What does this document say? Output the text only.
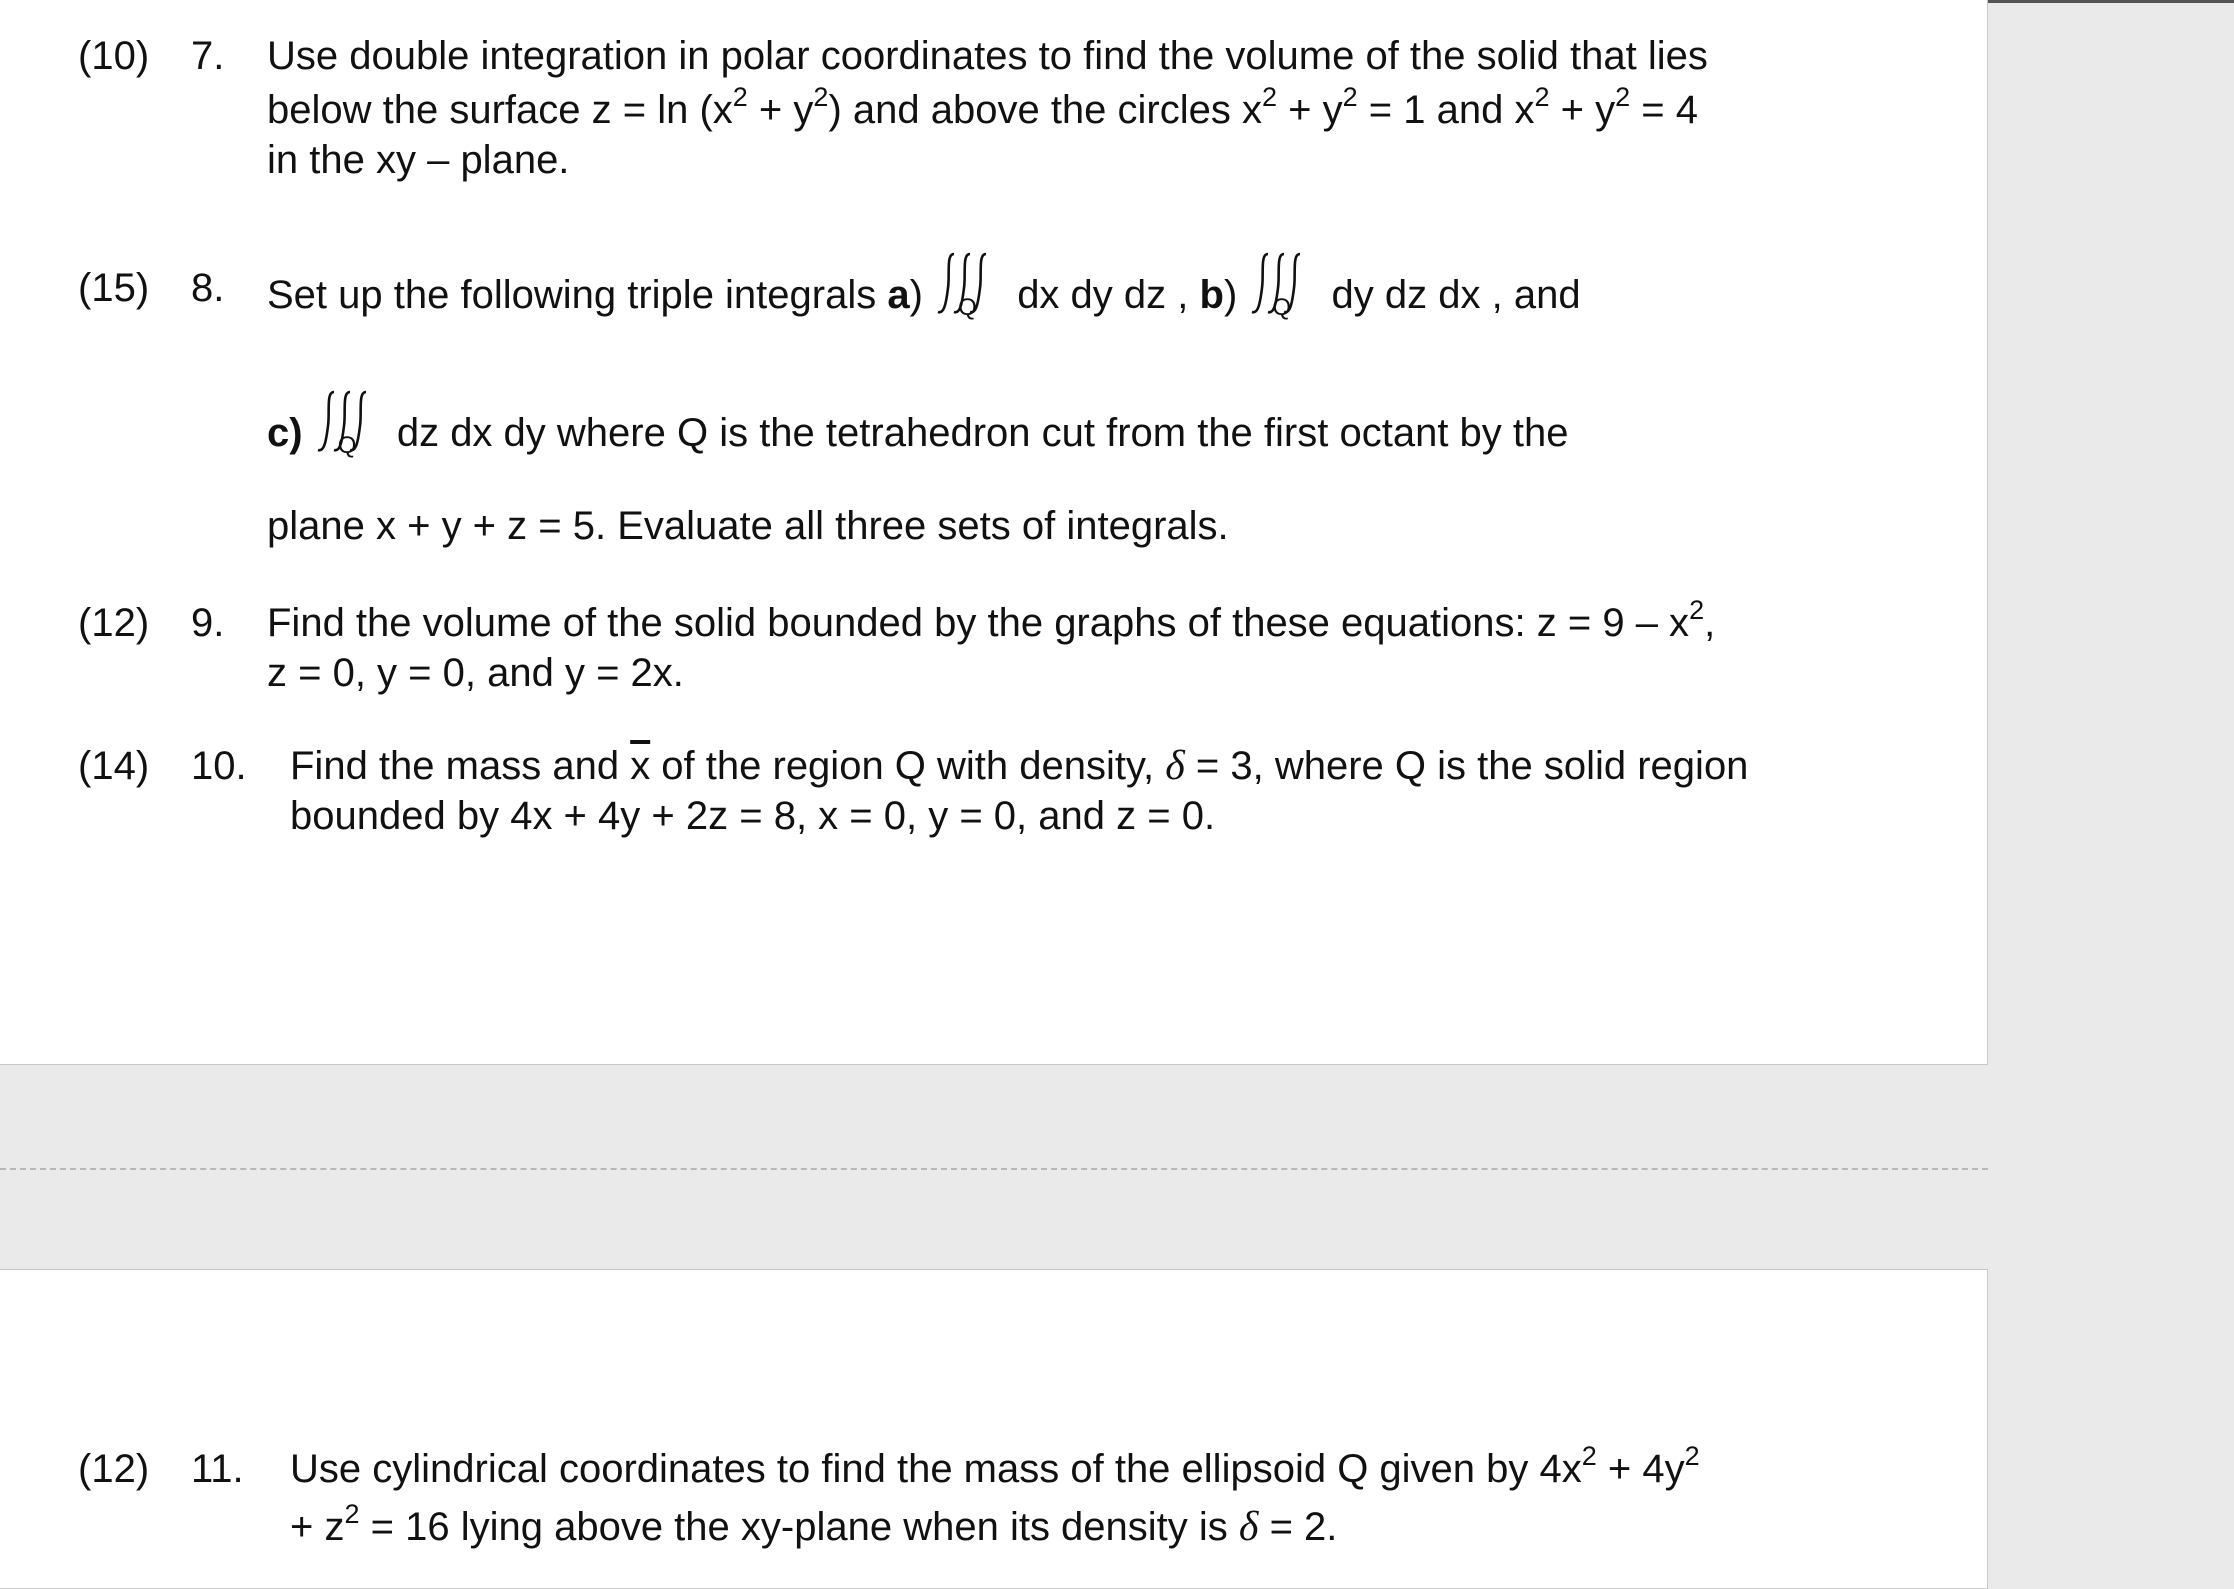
(10) 7. Use double integration in polar coordinates to find the volume of the solid that lies
below the surface $z = \ln (x^2 + y^2)$ and above the circles $x^2 + y^2 = 1$ and $x^2 + y^2 = 4$
in the xy – plane.
(15) 8. Set up the following triple integrals a) Q dx dy dz , b) Q dy dz dx , and
c) Q dz dx dy where Q is the tetrahedron cut from the first octant by the
plane x + y + z = 5. Evaluate all three sets of integrals.
(12) 9. Find the volume of the solid bounded by the graphs of these equations: $z = 9 - x^2$,
z = 0, y = 0, and y = 2x.
(14) 10. Find the mass and $\overline{x}$ of the region Q with density, δ = 3, where Q is the solid region
bounded by 4x + 4y + 2z = 8, x = 0, y = 0, and z = 0.
(12) 11. Use cylindrical coordinates to find the mass of the ellipsoid Q given by $4x^2 + 4y^2$
+ $z^2 = 16$ lying above the xy-plane when its density is δ = 2.
